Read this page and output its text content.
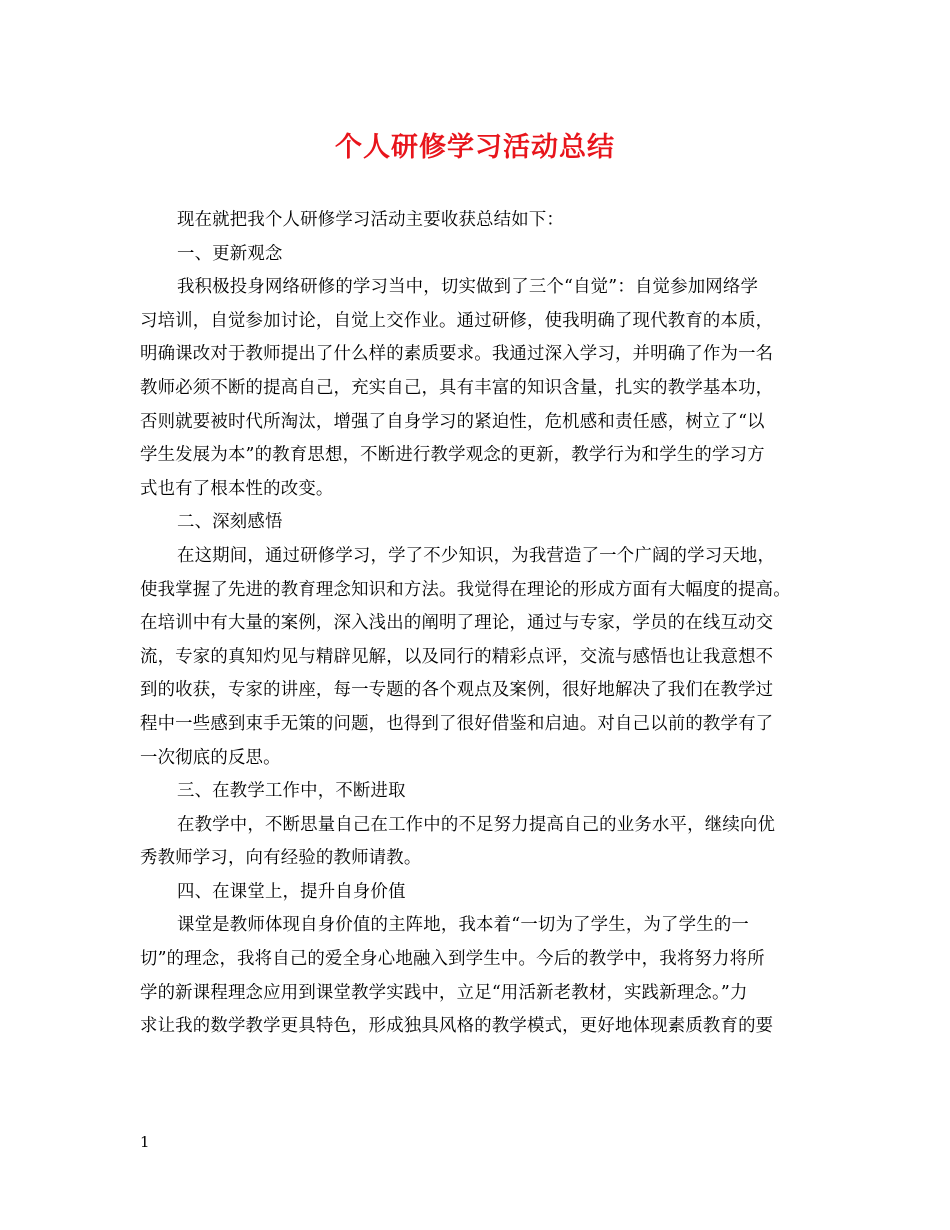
个人研修学习活动总结
现在就把我个人研修学习活动主要收获总结如下：
一、更新观念
我积极投身网络研修的学习当中，切实做到了三个“自觉”：自觉参加网络学
习培训，自觉参加讨论，自觉上交作业。通过研修，使我明确了现代教育的本质，
明确课改对于教师提出了什么样的素质要求。我通过深入学习，并明确了作为一名
教师必须不断的提高自己，充实自己，具有丰富的知识含量，扎实的教学基本功，
否则就要被时代所淘汰，增强了自身学习的紧迫性，危机感和责任感，树立了“以
学生发展为本”的教育思想，不断进行教学观念的更新，教学行为和学生的学习方
式也有了根本性的改变。
二、深刻感悟
在这期间，通过研修学习，学了不少知识，为我营造了一个广阔的学习天地，
使我掌握了先进的教育理念知识和方法。我觉得在理论的形成方面有大幅度的提高。
在培训中有大量的案例，深入浅出的阐明了理论，通过与专家，学员的在线互动交
流，专家的真知灼见与精辟见解，以及同行的精彩点评，交流与感悟也让我意想不
到的收获，专家的讲座，每一专题的各个观点及案例，很好地解决了我们在教学过
程中一些感到束手无策的问题，也得到了很好借鉴和启迪。对自己以前的教学有了
一次彻底的反思。
三、在教学工作中，不断进取
在教学中，不断思量自己在工作中的不足努力提高自己的业务水平，继续向优
秀教师学习，向有经验的教师请教。
四、在课堂上，提升自身价值
课堂是教师体现自身价值的主阵地，我本着“一切为了学生，为了学生的一
切”的理念，我将自己的爱全身心地融入到学生中。今后的教学中，我将努力将所
学的新课程理念应用到课堂教学实践中，立足“用活新老教材，实践新理念。”力
求让我的数学教学更具特色，形成独具风格的教学模式，更好地体现素质教育的要
1
